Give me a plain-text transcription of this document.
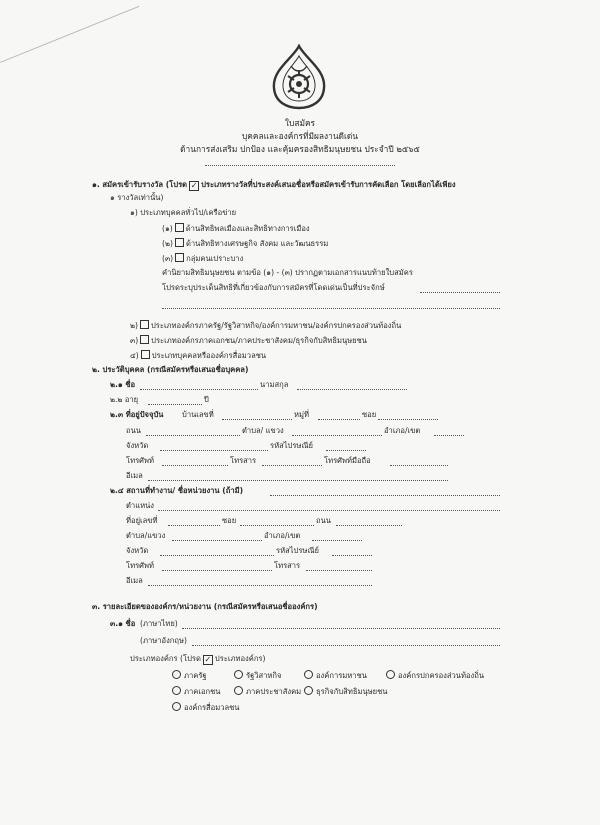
ใบสมัคร
บุคคลและองค์กรที่มีผลงานดีเด่น
ด้านการส่งเสริม ปกป้อง และคุ้มครองสิทธิมนุษยชน ประจำปี ๒๕๖๕
๑. สมัครเข้ารับรางวัล (โปรด ✓ ประเภทรางวัลที่ประสงค์เสนอชื่อหรือสมัครเข้ารับการคัดเลือก โดยเลือกได้เพียง
๑ รางวัลเท่านั้น)
๑) ประเภทบุคคลทั่วไป/เครือข่าย
(๑) ด้านสิทธิพลเมืองและสิทธิทางการเมือง
(๒) ด้านสิทธิทางเศรษฐกิจ สังคม และวัฒนธรรม
(๓) กลุ่มคนเปราะบาง
คำนิยามสิทธิมนุษยชน ตามข้อ (๑) - (๓) ปรากฏตามเอกสารแนบท้ายใบสมัคร
โปรดระบุประเด็นสิทธิที่เกี่ยวข้องกับการสมัครที่โดดเด่นเป็นที่ประจักษ์
๒) ประเภทองค์กรภาครัฐ/รัฐวิสาหกิจ/องค์การมหาชน/องค์กรปกครองส่วนท้องถิ่น
๓) ประเภทองค์กรภาคเอกชน/ภาคประชาสังคม/ธุรกิจกับสิทธิมนุษยชน
๔) ประเภทบุคคลหรือองค์กรสื่อมวลชน
๒. ประวัติบุคคล (กรณีสมัครหรือเสนอชื่อบุคคล)
๒.๑ ชื่อ	นามสกุล
๒.๒ อายุ	ปี
๒.๓ ที่อยู่ปัจจุบัน บ้านเลขที่	หมู่ที่	ซอย
ถนน	ตำบล/ แขวง	อำเภอ/เขต
จังหวัด	รหัสไปรษณีย์
โทรศัพท์	โทรสาร	โทรศัพท์มือถือ
อีเมล
๒.๔ สถานที่ทำงาน/ ชื่อหน่วยงาน (ถ้ามี)
ตำแหน่ง
ที่อยู่เลขที่	ซอย	ถนน
ตำบล/แขวง	อำเภอ/เขต
จังหวัด	รหัสไปรษณีย์
โทรศัพท์	โทรสาร
อีเมล
๓. รายละเอียดขององค์กร/หน่วยงาน (กรณีสมัครหรือเสนอชื่อองค์กร)
๓.๑ ชื่อ (ภาษาไทย)
(ภาษาอังกฤษ)
ประเภทองค์กร (โปรด ✓ ประเภทองค์กร)
ภาครัฐ	รัฐวิสาหกิจ	องค์การมหาชน	องค์กรปกครองส่วนท้องถิ่น
ภาคเอกชน	ภาคประชาสังคม	ธุรกิจกับสิทธิมนุษยชน
องค์กรสื่อมวลชน
